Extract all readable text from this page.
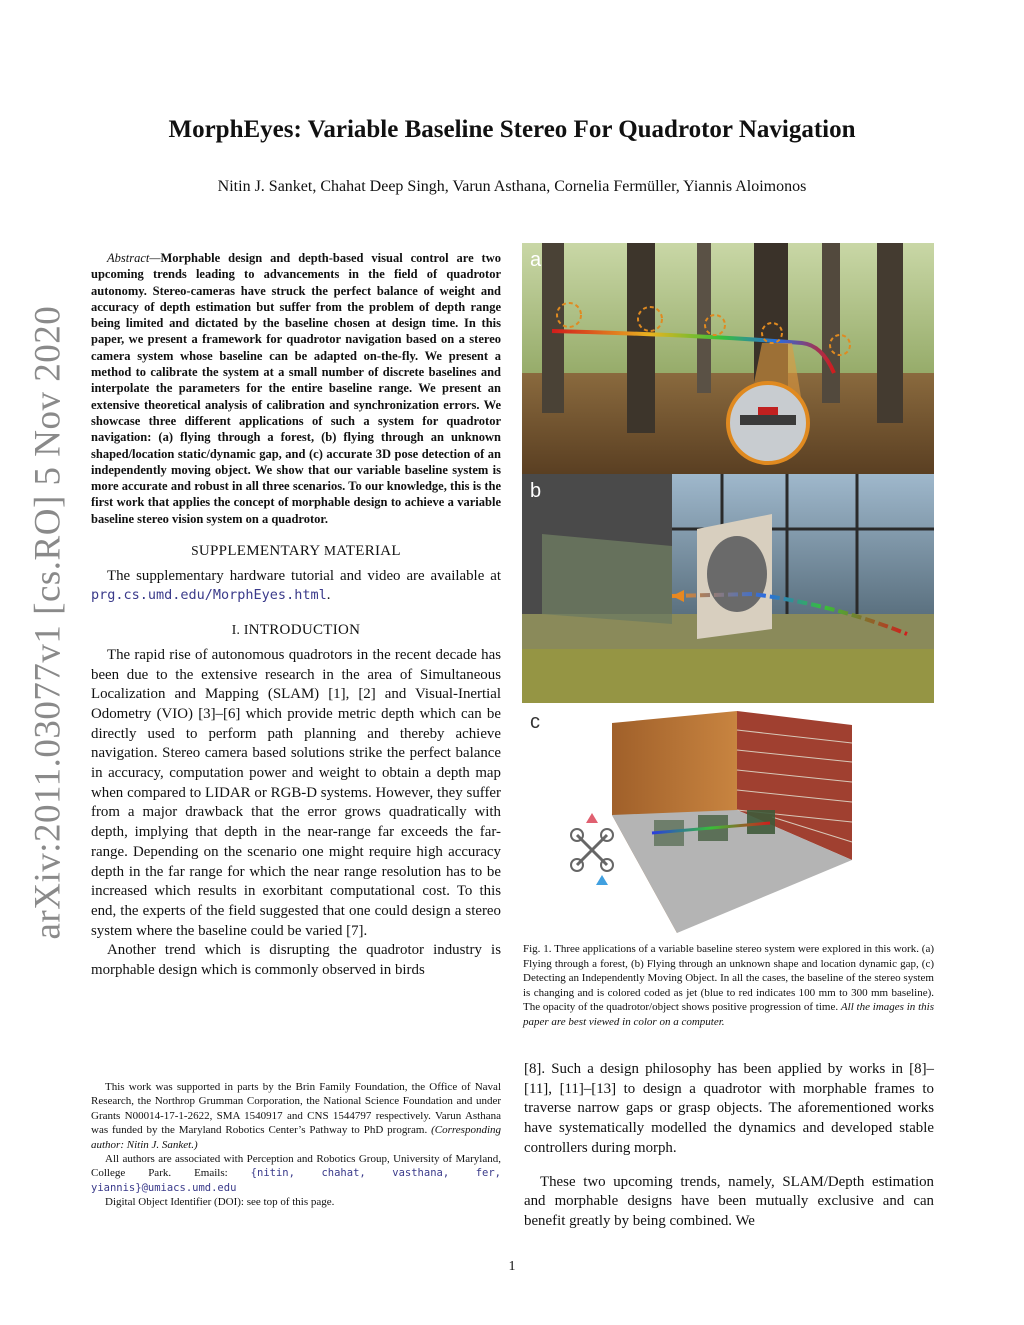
arXiv:2011.03077v1 [cs.RO] 5 Nov 2020
MorphEyes: Variable Baseline Stereo For Quadrotor Navigation
Nitin J. Sanket, Chahat Deep Singh, Varun Asthana, Cornelia Fermüller, Yiannis Aloimonos

Abstract—Morphable design and depth-based visual control are two upcoming trends leading to advancements in the field of quadrotor autonomy. Stereo-cameras have struck the perfect balance of weight and accuracy of depth estimation but suffer from the problem of depth range being limited and dictated by the baseline chosen at design time. In this paper, we present a framework for quadrotor navigation based on a stereo camera system whose baseline can be adapted on-the-fly. We present a method to calibrate the system at a small number of discrete baselines and interpolate the parameters for the entire baseline range. We present an extensive theoretical analysis of calibration and synchronization errors. We showcase three different applications of such a system for quadrotor navigation: (a) flying through a forest, (b) flying through an unknown shaped/location static/dynamic gap, and (c) accurate 3D pose detection of an independently moving object. We show that our variable baseline system is more accurate and robust in all three scenarios. To our knowledge, this is the first work that applies the concept of morphable design to achieve a variable baseline stereo vision system on a quadrotor.

SUPPLEMENTARY MATERIAL

The supplementary hardware tutorial and video are available at prg.cs.umd.edu/MorphEyes.html.

I. INTRODUCTION

The rapid rise of autonomous quadrotors in the recent decade has been due to the extensive research in the area of Simultaneous Localization and Mapping (SLAM) [1], [2] and Visual-Inertial Odometry (VIO) [3]–[6] which provide metric depth which can be directly used to perform path planning and thereby achieve navigation. Stereo camera based solutions strike the perfect balance in accuracy, computation power and weight to obtain a depth map when compared to LIDAR or RGB-D systems. However, they suffer from a major drawback that the error grows quadratically with depth, implying that depth in the near-range far exceeds the far-range. Depending on the scenario one might require high accuracy depth in the far range for which the near range resolution has to be increased which results in exorbitant computational cost. To this end, the experts of the field suggested that one could design a stereo system where the baseline could be varied [7].

Another trend which is disrupting the quadrotor industry is morphable design which is commonly observed in birds

This work was supported in parts by the Brin Family Foundation, the Office of Naval Research, the Northrop Grumman Corporation, the National Science Foundation and under Grants N00014-17-1-2622, SMA 1540917 and CNS 1544797 respectively. Varun Asthana was funded by the Maryland Robotics Center’s Pathway to PhD program. (Corresponding author: Nitin J. Sanket.)

All authors are associated with Perception and Robotics Group, University of Maryland, College Park. Emails: {nitin, chahat, vasthana, fer, yiannis}@umiacs.umd.edu

Digital Object Identifier (DOI): see top of this page.

a
b
c
Fig. 1. Three applications of a variable baseline stereo system were explored in this work. (a) Flying through a forest, (b) Flying through an unknown shape and location dynamic gap, (c) Detecting an Independently Moving Object. In all the cases, the baseline of the stereo system is changing and is colored coded as jet (blue to red indicates 100 mm to 300 mm baseline). The opacity of the quadrotor/object shows positive progression of time. All the images in this paper are best viewed in color on a computer.

[8]. Such a design philosophy has been applied by works in [8]–[11], [11]–[13] to design a quadrotor with morphable frames to traverse narrow gaps or grasp objects. The aforementioned works have systematically modelled the dynamics and developed stable controllers during morph.

These two upcoming trends, namely, SLAM/Depth estimation and morphable designs have been mutually exclusive and can benefit greatly by being combined. We

1
